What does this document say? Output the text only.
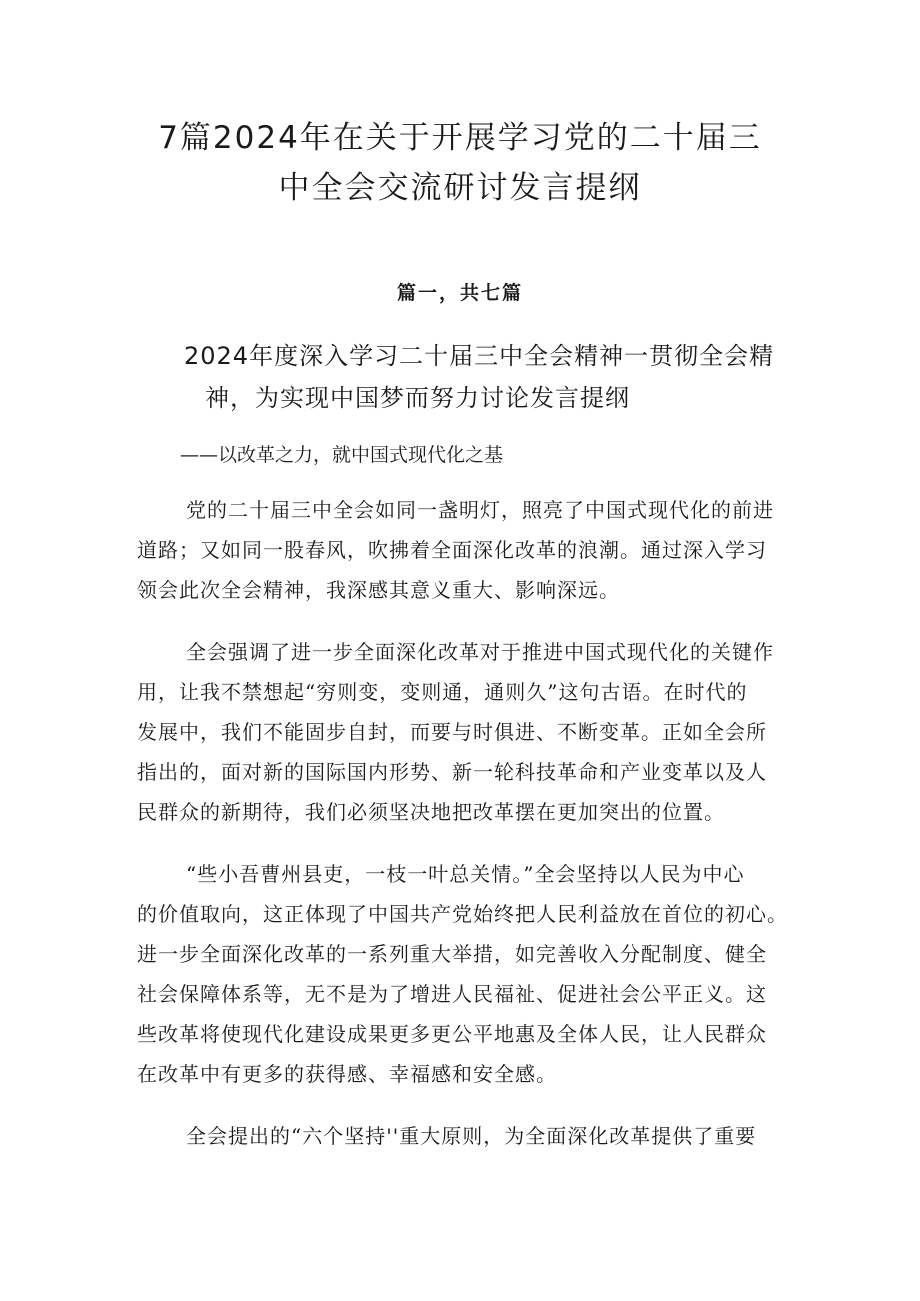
7篇2024年在关于开展学习党的二十届三
中全会交流研讨发言提纲
篇一，共七篇
2024年度深入学习二十届三中全会精神一贯彻全会精
神，为实现中国梦而努力讨论发言提纲

——以改革之力，就中国式现代化之基

党的二十届三中全会如同一盏明灯，照亮了中国式现代化的前进

道路；又如同一股春风，吹拂着全面深化改革的浪潮。通过深入学习

领会此次全会精神，我深感其意义重大、影响深远。

全会强调了进一步全面深化改革对于推进中国式现代化的关键作

用，让我不禁想起“穷则变，变则通，通则久”这句古语。在时代的

发展中，我们不能固步自封，而要与时俱进、不断变革。正如全会所

指出的，面对新的国际国内形势、新一轮科技革命和产业变革以及人

民群众的新期待，我们必须坚决地把改革摆在更加突出的位置。

“些小吾曹州县吏，一枝一叶总关情。”全会坚持以人民为中心

的价值取向，这正体现了中国共产党始终把人民利益放在首位的初心。

进一步全面深化改革的一系列重大举措，如完善收入分配制度、健全

社会保障体系等，无不是为了增进人民福祉、促进社会公平正义。这

些改革将使现代化建设成果更多更公平地惠及全体人民，让人民群众

在改革中有更多的获得感、幸福感和安全感。

全会提出的“六个坚持''重大原则，为全面深化改革提供了重要
